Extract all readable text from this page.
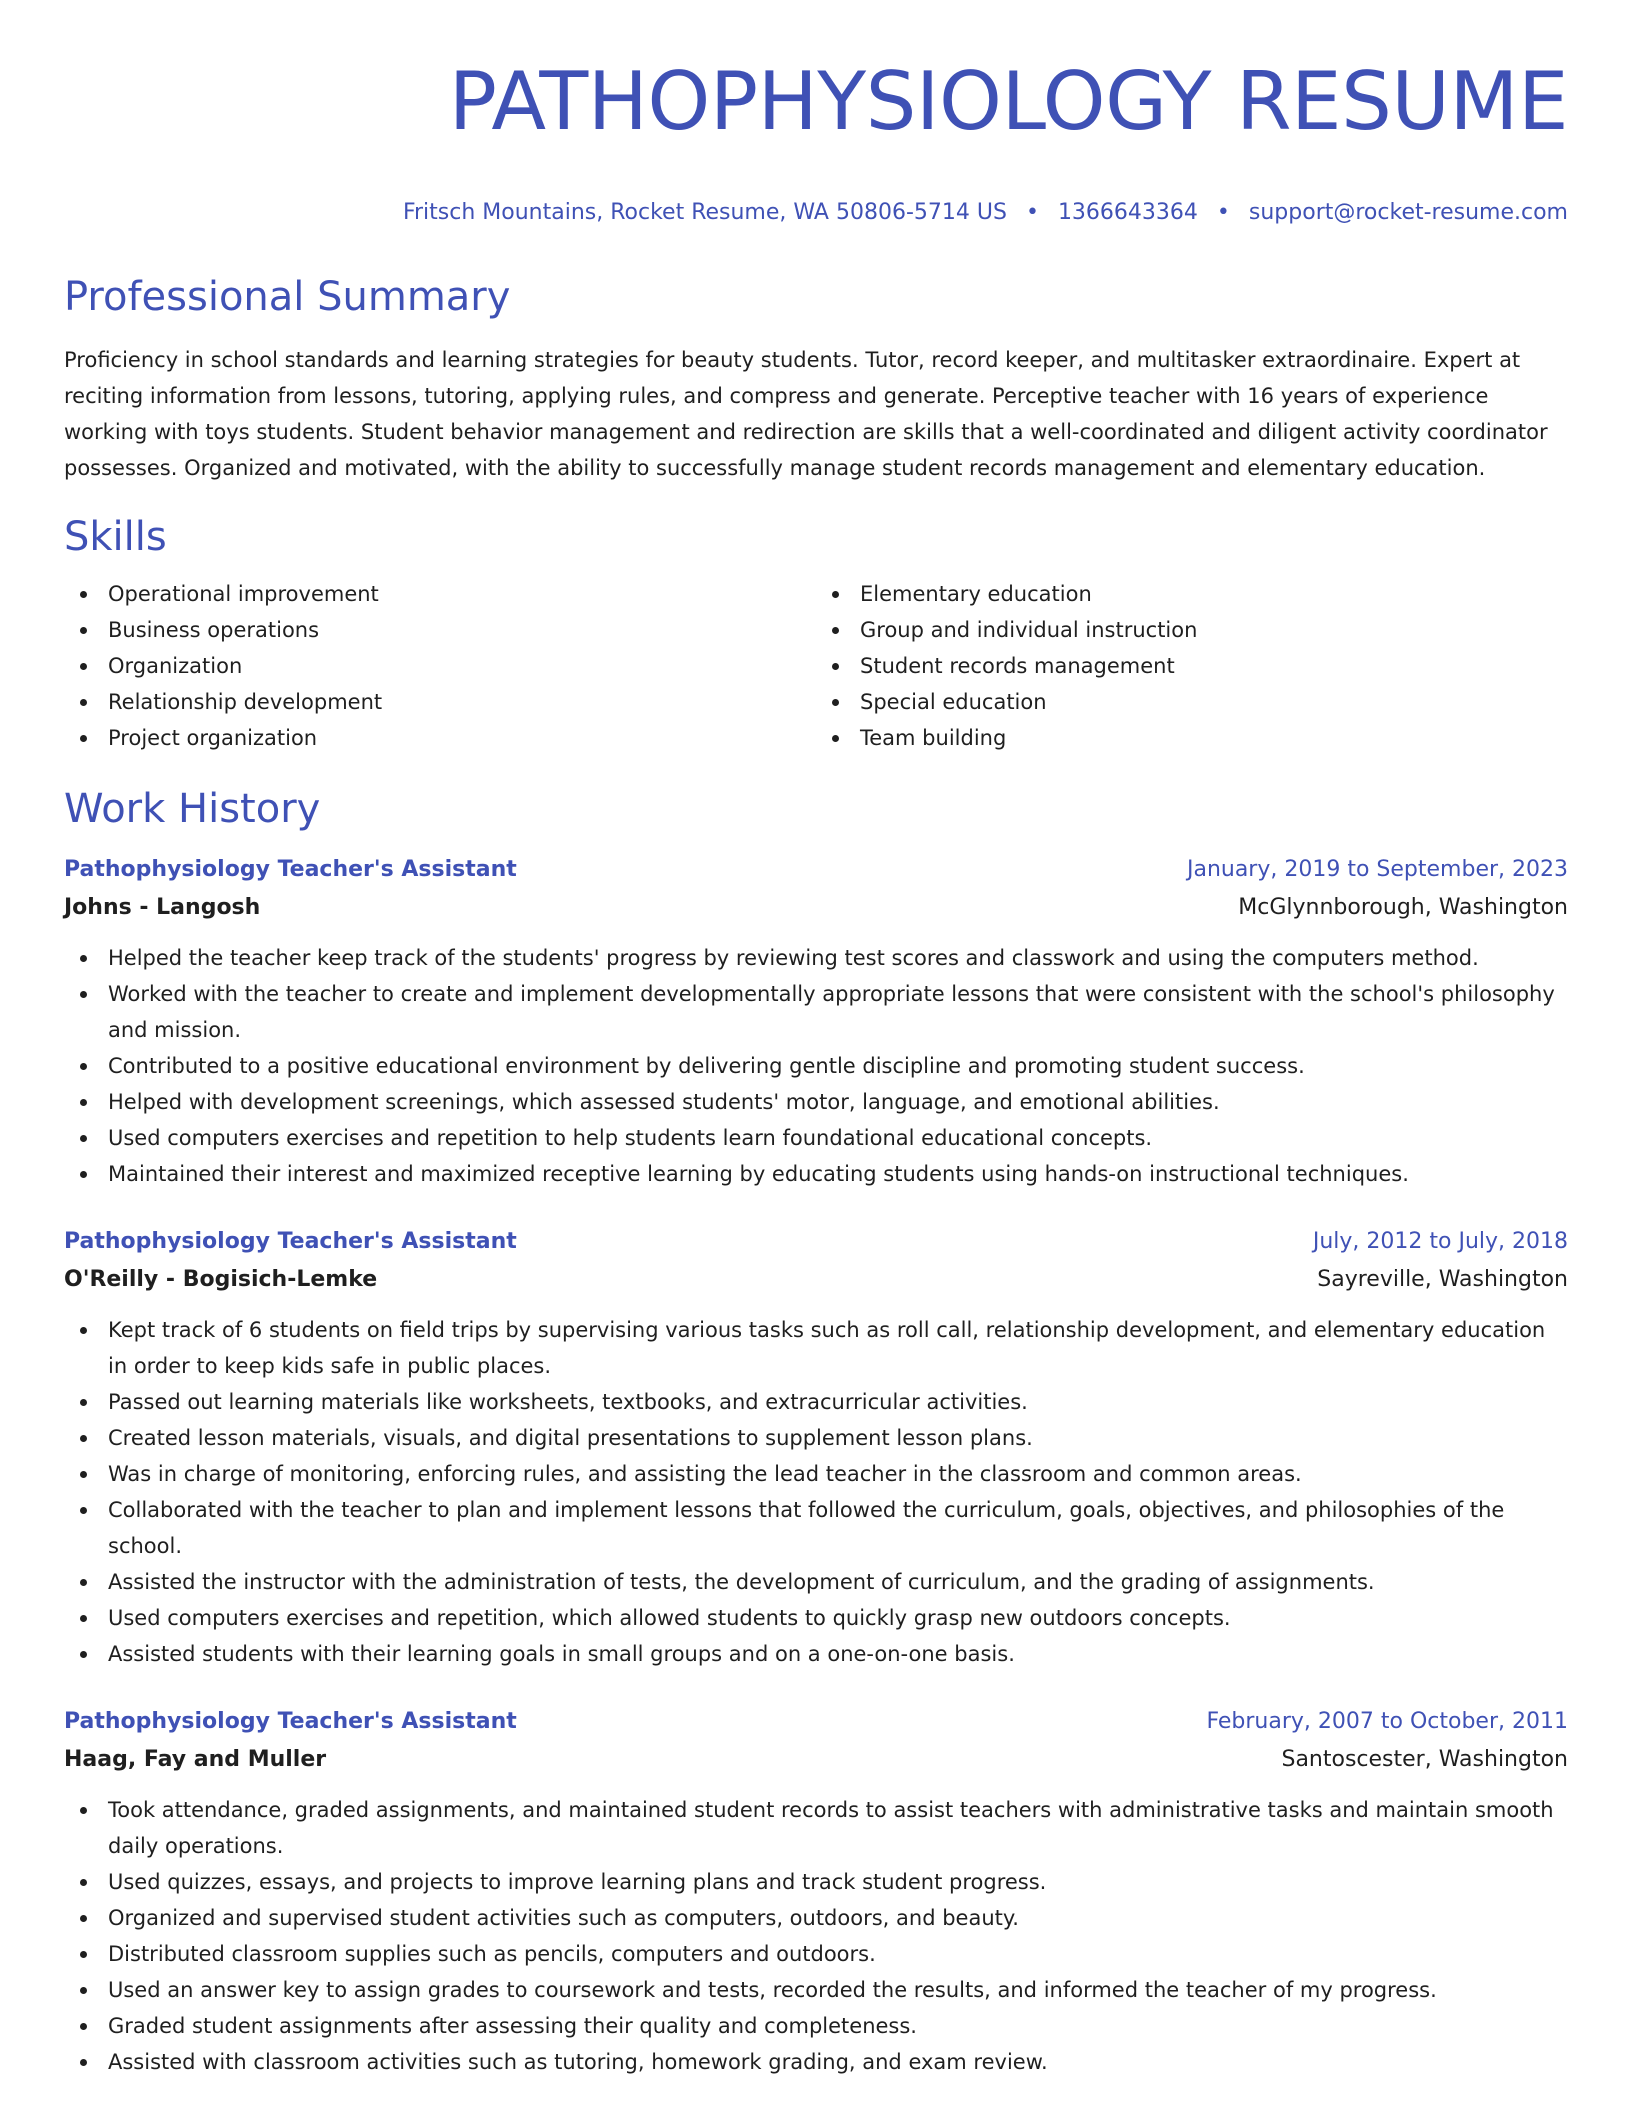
PATHOPHYSIOLOGY RESUME
Fritsch Mountains, Rocket Resume, WA 50806-5714 US • 1366643364 • support@rocket-resume.com
Professional Summary

Proficiency in school standards and learning strategies for beauty students. Tutor, record keeper, and multitasker extraordinaire. Expert at reciting information from lessons, tutoring, applying rules, and compress and generate. Perceptive teacher with 16 years of experience working with toys students. Student behavior management and redirection are skills that a well-coordinated and diligent activity coordinator possesses. Organized and motivated, with the ability to successfully manage student records management and elementary education.

Skills
Operational improvement
Business operations
Organization
Relationship development
Project organization
Elementary education
Group and individual instruction
Student records management
Special education
Team building
Work History
Pathophysiology Teacher's Assistant	January, 2019 to September, 2023
Johns - Langosh	McGlynnborough, Washington
Helped the teacher keep track of the students' progress by reviewing test scores and classwork and using the computers method.
Worked with the teacher to create and implement developmentally appropriate lessons that were consistent with the school's philosophy and mission.
Contributed to a positive educational environment by delivering gentle discipline and promoting student success.
Helped with development screenings, which assessed students' motor, language, and emotional abilities.
Used computers exercises and repetition to help students learn foundational educational concepts.
Maintained their interest and maximized receptive learning by educating students using hands-on instructional techniques.
Pathophysiology Teacher's Assistant	July, 2012 to July, 2018
O'Reilly - Bogisich-Lemke	Sayreville, Washington
Kept track of 6 students on field trips by supervising various tasks such as roll call, relationship development, and elementary education in order to keep kids safe in public places.
Passed out learning materials like worksheets, textbooks, and extracurricular activities.
Created lesson materials, visuals, and digital presentations to supplement lesson plans.
Was in charge of monitoring, enforcing rules, and assisting the lead teacher in the classroom and common areas.
Collaborated with the teacher to plan and implement lessons that followed the curriculum, goals, objectives, and philosophies of the school.
Assisted the instructor with the administration of tests, the development of curriculum, and the grading of assignments.
Used computers exercises and repetition, which allowed students to quickly grasp new outdoors concepts.
Assisted students with their learning goals in small groups and on a one-on-one basis.
Pathophysiology Teacher's Assistant	February, 2007 to October, 2011
Haag, Fay and Muller	Santoscester, Washington
Took attendance, graded assignments, and maintained student records to assist teachers with administrative tasks and maintain smooth daily operations.
Used quizzes, essays, and projects to improve learning plans and track student progress.
Organized and supervised student activities such as computers, outdoors, and beauty.
Distributed classroom supplies such as pencils, computers and outdoors.
Used an answer key to assign grades to coursework and tests, recorded the results, and informed the teacher of my progress.
Graded student assignments after assessing their quality and completeness.
Assisted with classroom activities such as tutoring, homework grading, and exam review.
